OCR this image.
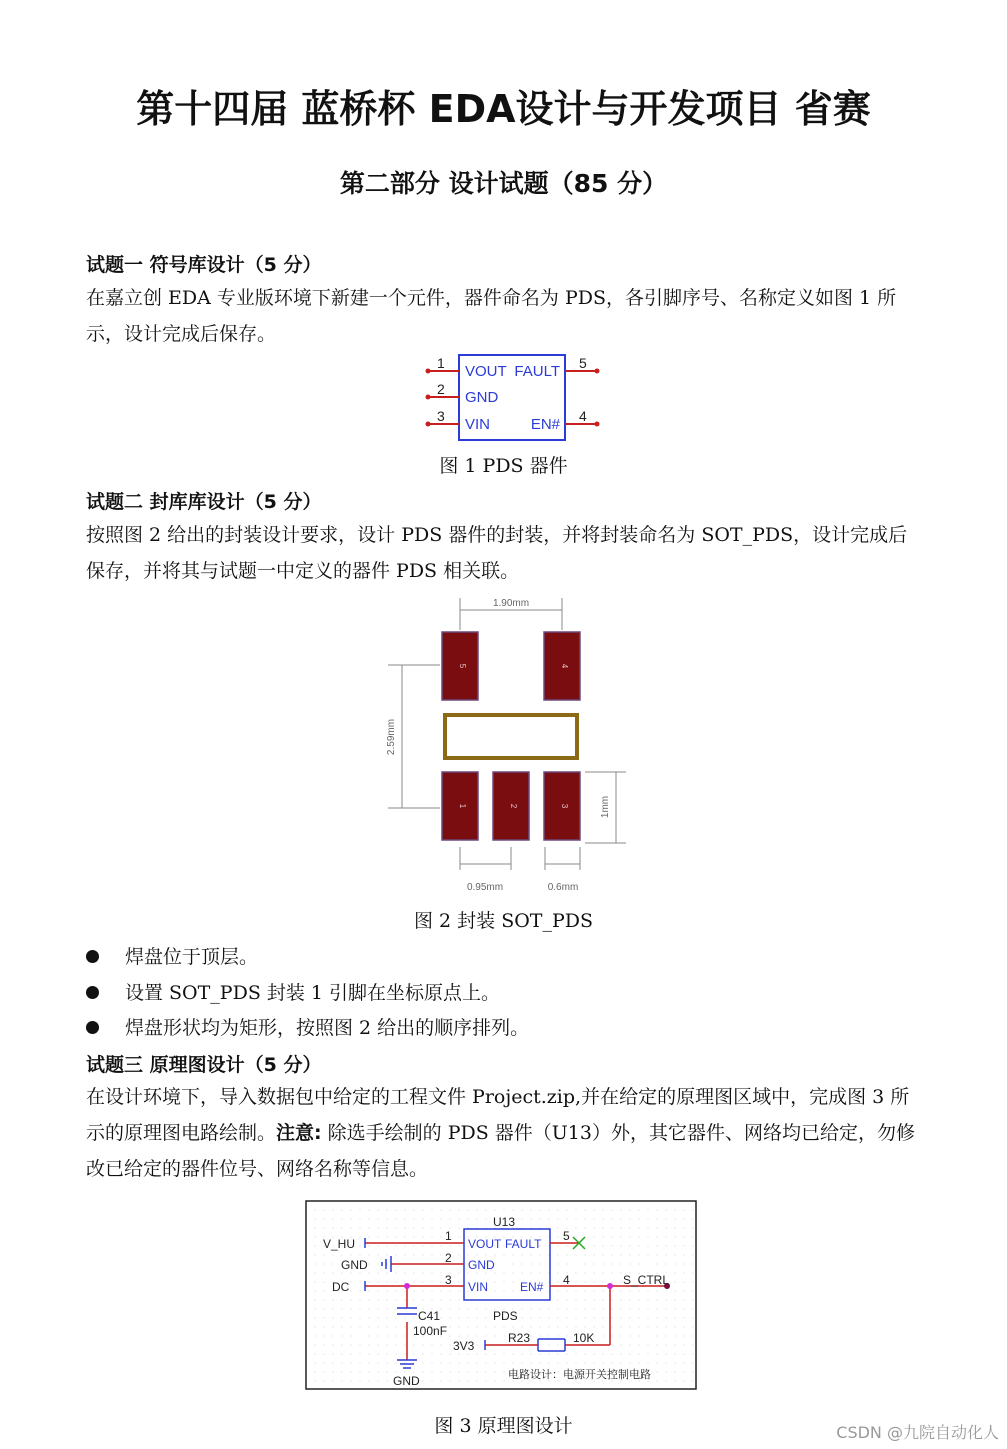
第十四届 蓝桥杯 EDA设计与开发项目 省赛
第二部分 设计试题（85 分）
试题一 符号库设计（5 分）
在嘉立创 EDA 专业版环境下新建一个元件，器件命名为 PDS，各引脚序号、名称定义如图 1 所示，设计完成后保存。
1
2
3
5
4
VOUT
GND
VIN
FAULT
EN#
图 1 PDS 器件
试题二 封库库设计（5 分）
按照图 2 给出的封装设计要求，设计 PDS 器件的封装，并将封装命名为 SOT_PDS，设计完成后保存，并将其与试题一中定义的器件 PDS 相关联。
5	4
1	2	3
1.90mm
2.59mm
1mm
0.95mm	0.6mm
图 2 封装 SOT_PDS
焊盘位于顶层。
设置 SOT_PDS 封装 1 引脚在坐标原点上。
焊盘形状均为矩形，按照图 2 给出的顺序排列。
试题三 原理图设计（5 分）
在设计环境下，导入数据包中给定的工程文件 Project.zip,并在给定的原理图区域中，完成图 3 所示的原理图电路绘制。注意: 除选手绘制的 PDS 器件（U13）外，其它器件、网络均已给定，勿修改已给定的器件位号、网络名称等信息。
U13
PDS
VOUT FAULT
GND
VIN	EN#
1
2
3
5
4
V_HU
GND
DC	S_CTRL
3V3
C41
100nF	R23	10K
GND	电路设计：电源开关控制电路
图 3 原理图设计	CSDN @九院自动化人
